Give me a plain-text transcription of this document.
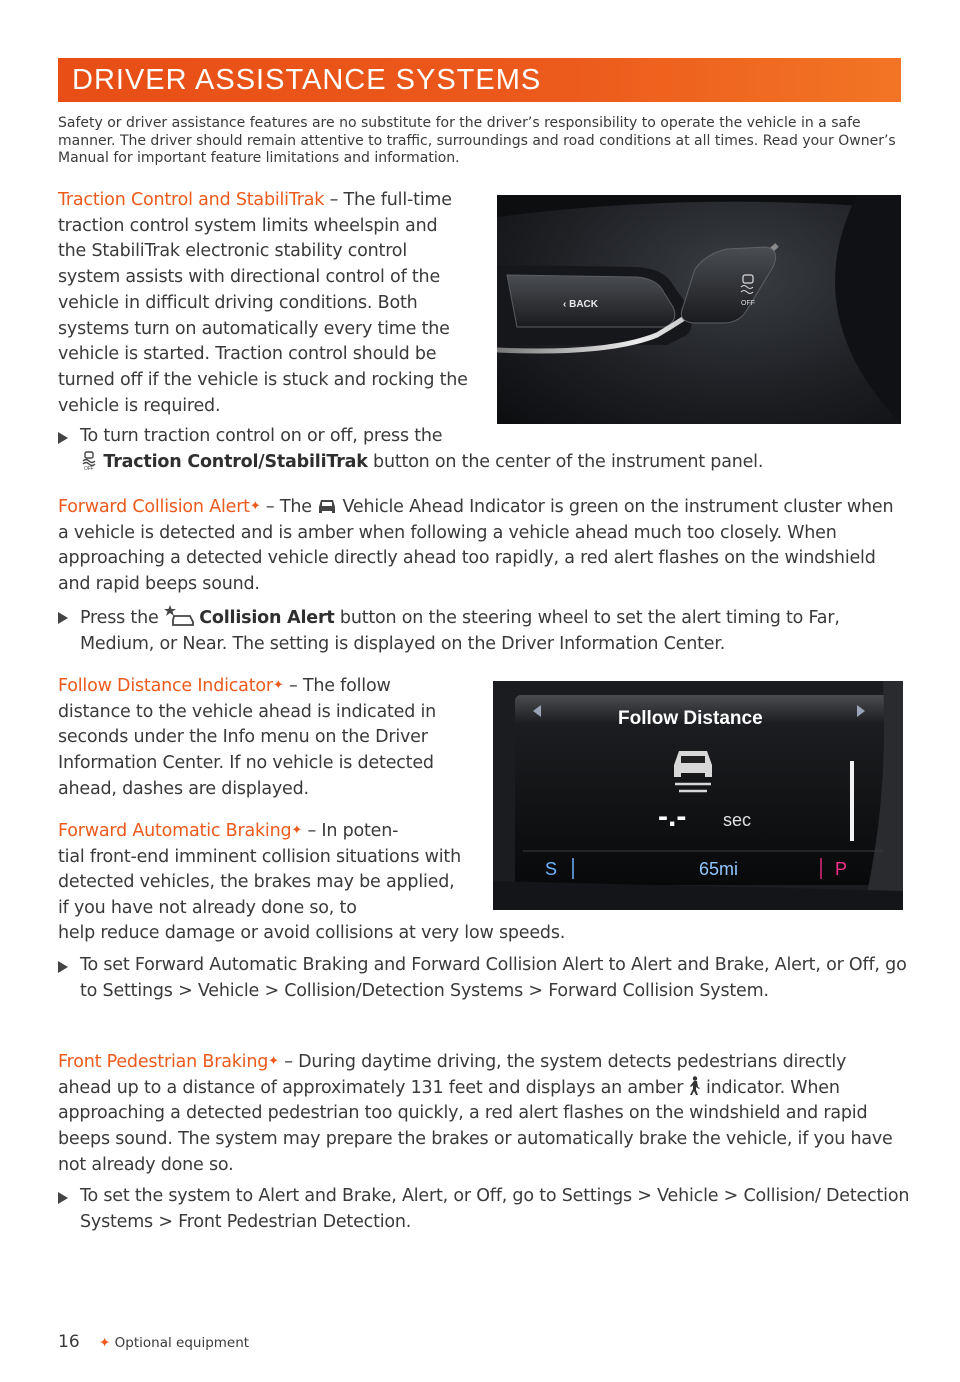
DRIVER ASSISTANCE SYSTEMS

Safety or driver assistance features are no substitute for the driver’s responsibility to operate the vehicle in a safe manner. The driver should remain attentive to traffic, surroundings and road conditions at all times. Read your Owner’s Manual for important feature limitations and information.

‹ BACK	OFF

Traction Control and StabiliTrak – The full-time traction control system limits wheelspin and the StabiliTrak electronic stability control system assists with directional control of the vehicle in difficult driving conditions. Both systems turn on automatically every time the vehicle is started. Traction control should be turned off if the vehicle is stuck and rocking the vehicle is required.

To turn traction control on or off, press the

OFF Traction Control/StabiliTrak button on the center of the instrument panel.

Forward Collision Alert✦ – The  Vehicle Ahead Indicator is green on the instrument cluster when a vehicle is detected and is amber when following a vehicle ahead much too closely. When approaching a detected vehicle directly ahead too rapidly, a red alert flashes on the windshield and rapid beeps sound.

Press the  Collision Alert button on the steering wheel to set the alert timing to Far, Medium, or Near. The setting is displayed on the Driver Information Center.
Follow Distance
-.- sec
S	65mi	P

Follow Distance Indicator✦ – The follow distance to the vehicle ahead is indicated in seconds under the Info menu on the Driver Information Center. If no vehicle is detected ahead, dashes are displayed.

Forward Automatic Braking✦ – In poten-
tial front-end imminent collision situations with detected vehicles, the brakes may be applied, if you have not already done so, to

help reduce damage or avoid collisions at very low speeds.

To set Forward Automatic Braking and Forward Collision Alert to Alert and Brake, Alert, or Off, go to Settings > Vehicle > Collision/Detection Systems > Forward Collision System.

Front Pedestrian Braking✦ – During daytime driving, the system detects pedestrians directly ahead up to a distance of approximately 131 feet and displays an amber  indicator. When approaching a detected pedestrian too quickly, a red alert flashes on the windshield and rapid beeps sound. The system may prepare the brakes or automatically brake the vehicle, if you have not already done so.

To set the system to Alert and Brake, Alert, or Off, go to Settings > Vehicle > Collision/ Detection Systems > Front Pedestrian Detection.
16 ✦ Optional equipment
